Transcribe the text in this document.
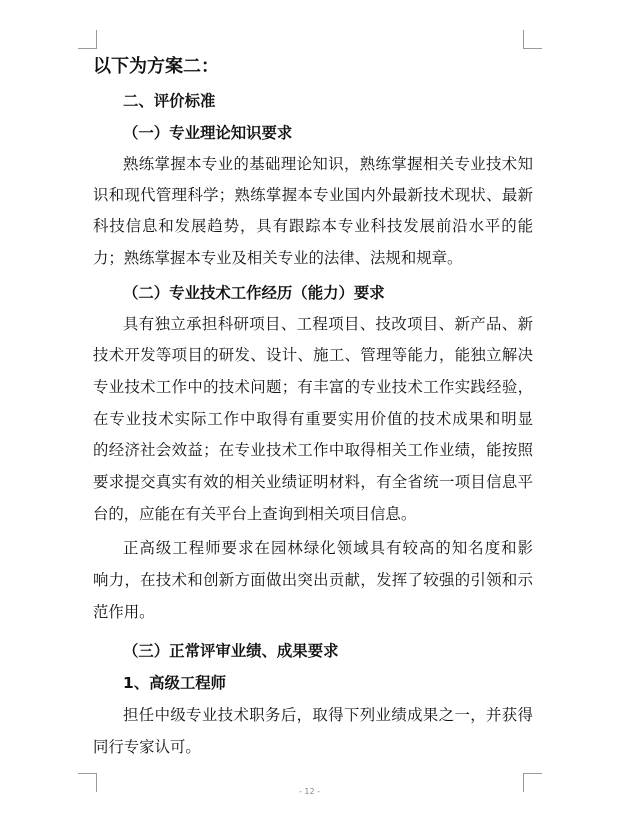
以下为方案二：
二、评价标准
（一）专业理论知识要求
熟练掌握本专业的基础理论知识，熟练掌握相关专业技术知
识和现代管理科学；熟练掌握本专业国内外最新技术现状、最新
科技信息和发展趋势，具有跟踪本专业科技发展前沿水平的能
力；熟练掌握本专业及相关专业的法律、法规和规章。
（二）专业技术工作经历（能力）要求
具有独立承担科研项目、工程项目、技改项目、新产品、新
技术开发等项目的研发、设计、施工、管理等能力，能独立解决
专业技术工作中的技术问题；有丰富的专业技术工作实践经验，
在专业技术实际工作中取得有重要实用价值的技术成果和明显
的经济社会效益；在专业技术工作中取得相关工作业绩，能按照
要求提交真实有效的相关业绩证明材料，有全省统一项目信息平
台的，应能在有关平台上查询到相关项目信息。
正高级工程师要求在园林绿化领域具有较高的知名度和影
响力，在技术和创新方面做出突出贡献，发挥了较强的引领和示
范作用。
（三）正常评审业绩、成果要求
1、高级工程师
担任中级专业技术职务后，取得下列业绩成果之一，并获得
同行专家认可。
- 12 -
